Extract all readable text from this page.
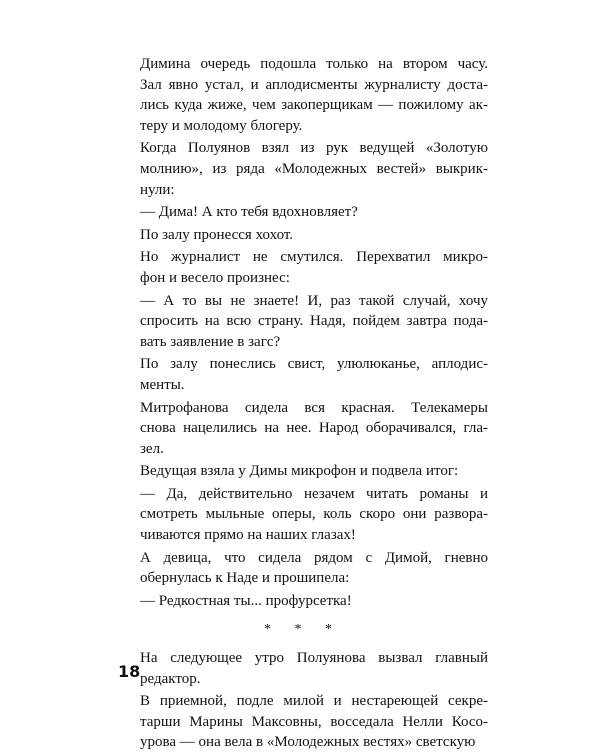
Димина очередь подошла только на втором часу.
Зал явно устал, и аплодисменты журналисту доста-
лись куда жиже, чем закоперщикам — пожилому ак-
теру и молодому блогеру.

Когда Полуянов взял из рук ведущей «Золотую
молнию», из ряда «Молодежных вестей» выкрик-
нули:

— Дима! А кто тебя вдохновляет?

По залу пронесся хохот.

Но журналист не смутился. Перехватил микро-
фон и весело произнес:

— А то вы не знаете! И, раз такой случай, хочу
спросить на всю страну. Надя, пойдем завтра пода-
вать заявление в загс?

По залу понеслись свист, улюлюканье, аплодис-
менты.

Митрофанова сидела вся красная. Телекамеры
снова нацелились на нее. Народ оборачивался, гла-
зел.

Ведущая взяла у Димы микрофон и подвела итог:

— Да, действительно незачем читать романы и
смотреть мыльные оперы, коль скоро они развора-
чиваются прямо на наших глазах!

А девица, что сидела рядом с Димой, гневно
обернулась к Наде и прошипела:

— Редкостная ты... профурсетка!

* * *

На следующее утро Полуянова вызвал главный
редактор.

В приемной, подле милой и нестареющей секре-
тарши Марины Максовны, восседала Нелли Косо-
урова — она вела в «Молодежных вестях» светскую

18
